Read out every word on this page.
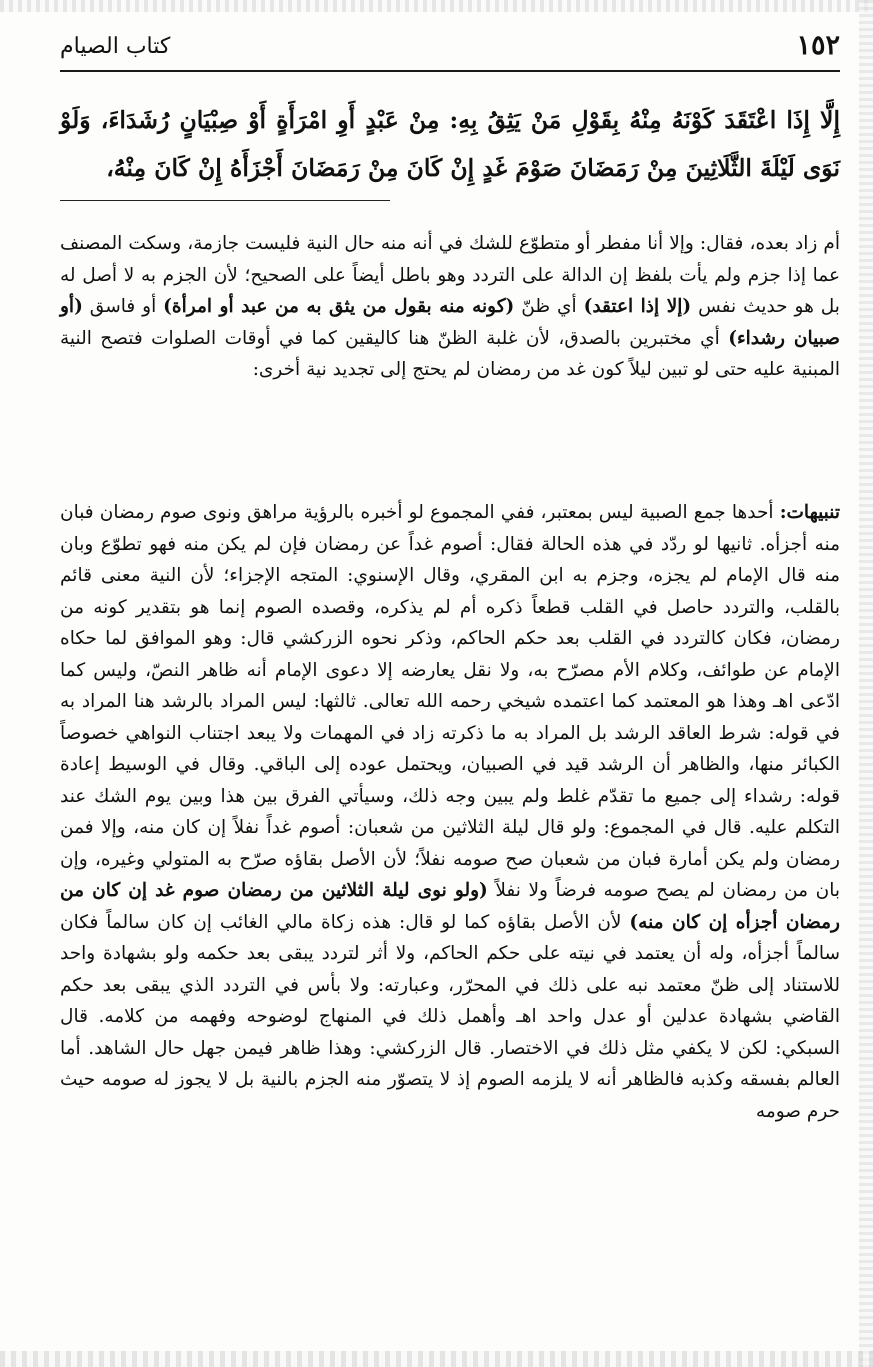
١٥٢
كتاب الصيام
إِلَّا إِذَا اعْتَقَدَ كَوْنَهُ مِنْهُ بِقَوْلِ مَنْ يَثِقُ بِهِ: مِنْ عَبْدٍ أَوِ امْرَأَةٍ أَوْ صِبْيَانٍ رُشَدَاءَ، وَلَوْ نَوَى لَيْلَةَ الثَّلَاثِينَ مِنْ رَمَضَانَ صَوْمَ غَدٍ إِنْ كَانَ مِنْ رَمَضَانَ أَجْزَأَهُ إِنْ كَانَ مِنْهُ،

أم زاد بعده، فقال: وإلا أنا مفطر أو متطوّع للشك في أنه منه حال النية فليست جازمة، وسكت المصنف عما إذا جزم ولم يأت بلفظ إن الدالة على التردد وهو باطل أيضاً على الصحيح؛ لأن الجزم به لا أصل له بل هو حديث نفس (إلا إذا اعتقد) أي ظنّ (كونه منه بقول من يثق به من عبد أو امرأة) أو فاسق (أو صبيان رشداء) أي مختبرين بالصدق، لأن غلبة الظنّ هنا كاليقين كما في أوقات الصلوات فتصح النية المبنية عليه حتى لو تبين ليلاً كون غد من رمضان لم يحتج إلى تجديد نية أخرى:

تنبيهات: أحدها جمع الصبية ليس بمعتبر، ففي المجموع لو أخبره بالرؤية مراهق ونوى صوم رمضان فبان منه أجزأه. ثانيها لو ردّد في هذه الحالة فقال: أصوم غداً عن رمضان فإن لم يكن منه فهو تطوّع وبان منه قال الإمام لم يجزه، وجزم به ابن المقري، وقال الإسنوي: المتجه الإجزاء؛ لأن النية معنى قائم بالقلب، والتردد حاصل في القلب قطعاً ذكره أم لم يذكره، وقصده الصوم إنما هو بتقدير كونه من رمضان، فكان كالتردد في القلب بعد حكم الحاكم، وذكر نحوه الزركشي قال: وهو الموافق لما حكاه الإمام عن طوائف، وكلام الأم مصرّح به، ولا نقل يعارضه إلا دعوى الإمام أنه ظاهر النصّ، وليس كما ادّعى اهـ وهذا هو المعتمد كما اعتمده شيخي رحمه الله تعالى. ثالثها: ليس المراد بالرشد هنا المراد به في قوله: شرط العاقد الرشد بل المراد به ما ذكرته زاد في المهمات ولا يبعد اجتناب النواهي خصوصاً الكبائر منها، والظاهر أن الرشد قيد في الصبيان، ويحتمل عوده إلى الباقي. وقال في الوسيط إعادة قوله: رشداء إلى جميع ما تقدّم غلط ولم يبين وجه ذلك، وسيأتي الفرق بين هذا وبين يوم الشك عند التكلم عليه. قال في المجموع: ولو قال ليلة الثلاثين من شعبان: أصوم غداً نفلاً إن كان منه، وإلا فمن رمضان ولم يكن أمارة فبان من شعبان صح صومه نفلاً؛ لأن الأصل بقاؤه صرّح به المتولي وغيره، وإن بان من رمضان لم يصح صومه فرضاً ولا نفلاً (ولو نوى ليلة الثلاثين من رمضان صوم غد إن كان من رمضان أجزأه إن كان منه) لأن الأصل بقاؤه كما لو قال: هذه زكاة مالي الغائب إن كان سالماً فكان سالماً أجزأه، وله أن يعتمد في نيته على حكم الحاكم، ولا أثر لتردد يبقى بعد حكمه ولو بشهادة واحد للاستناد إلى ظنّ معتمد نبه على ذلك في المحرّر، وعبارته: ولا بأس في التردد الذي يبقى بعد حكم القاضي بشهادة عدلين أو عدل واحد اهـ وأهمل ذلك في المنهاج لوضوحه وفهمه من كلامه. قال السبكي: لكن لا يكفي مثل ذلك في الاختصار. قال الزركشي: وهذا ظاهر فيمن جهل حال الشاهد. أما العالم بفسقه وكذبه فالظاهر أنه لا يلزمه الصوم إذ لا يتصوّر منه الجزم بالنية بل لا يجوز له صومه حيث حرم صومه
